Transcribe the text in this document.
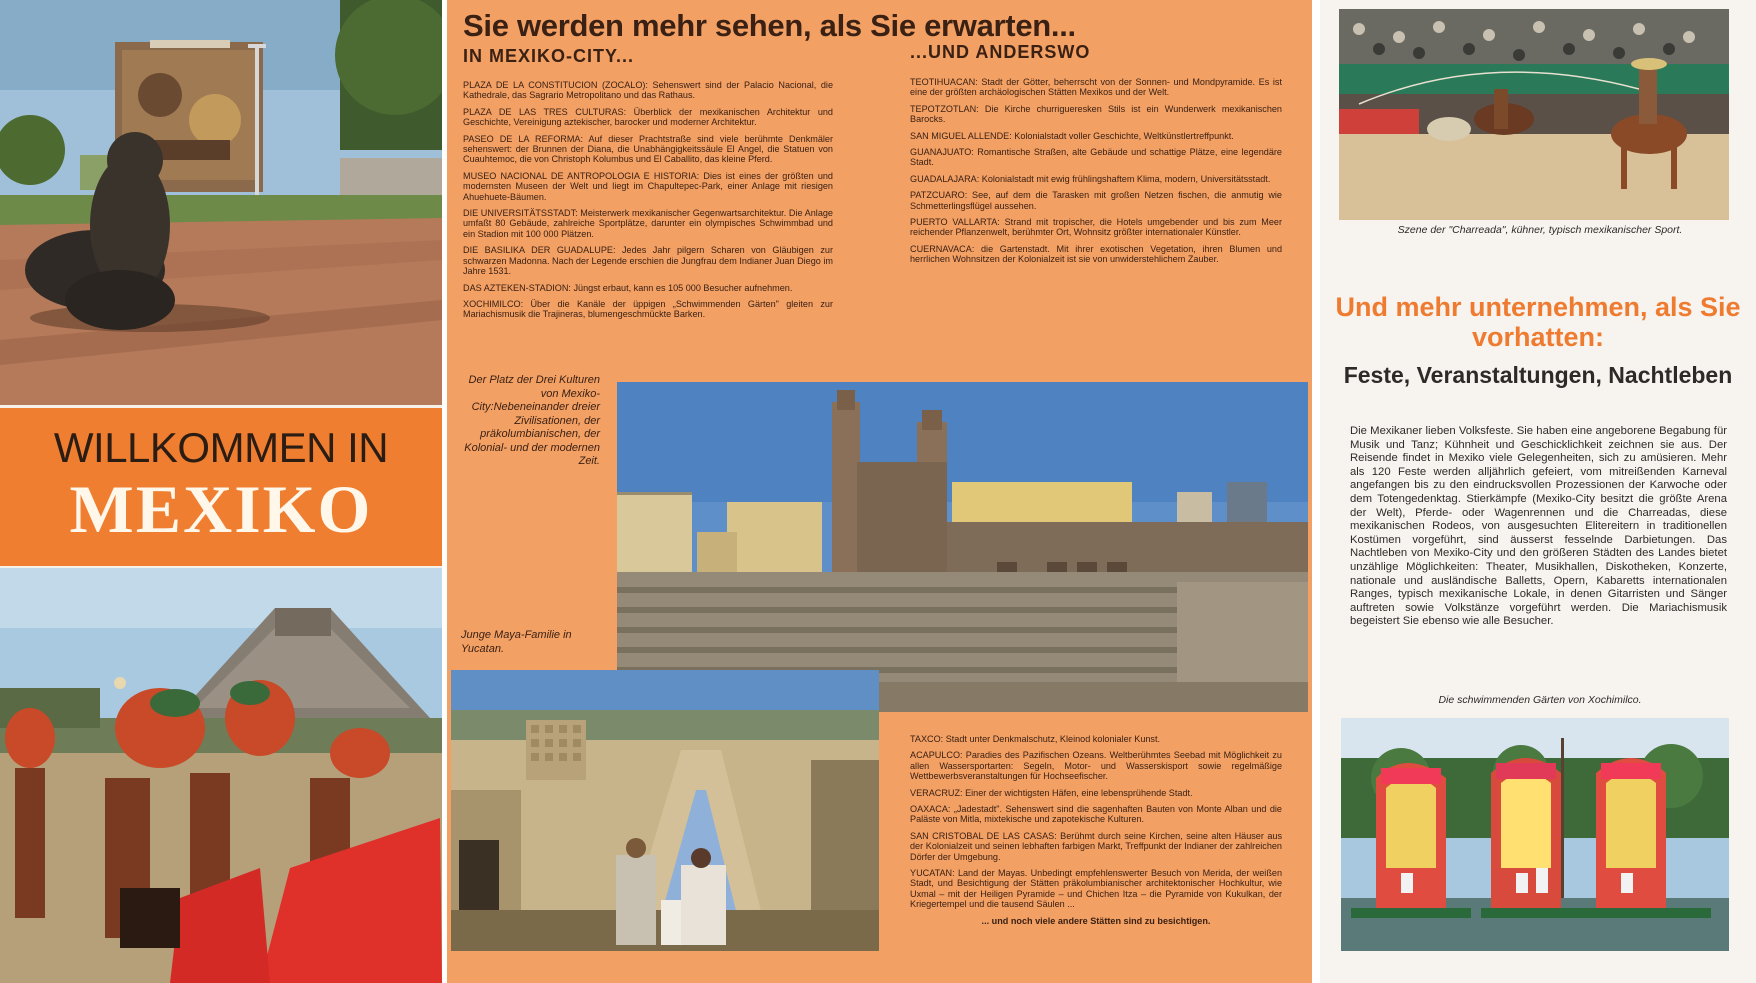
WILLKOMMEN IN
MEXIKO
Sie werden mehr sehen, als Sie erwarten...
IN MEXIKO-CITY...	...UND ANDERSWO

PLAZA DE LA CONSTITUCION (ZOCALO): Sehenswert sind der Palacio Nacional, die Kathedrale, das Sagrario Metropolitano und das Rathaus.

PLAZA DE LAS TRES CULTURAS: Überblick der mexikanischen Architektur und Geschichte, Vereinigung aztekischer, barocker und moderner Architektur.

PASEO DE LA REFORMA: Auf dieser Prachtstraße sind viele berühmte Denkmäler sehenswert: der Brunnen der Diana, die Unabhängigkeitssäule El Angel, die Statuen von Cuauhtemoc, die von Christoph Kolumbus und El Caballito, das kleine Pferd.

MUSEO NACIONAL DE ANTROPOLOGIA E HISTORIA: Dies ist eines der größten und modernsten Museen der Welt und liegt im Chapultepec-Park, einer Anlage mit riesigen Ahuehuete-Bäumen.

DIE UNIVERSITÄTSSTADT: Meisterwerk mexikanischer Gegenwartsarchitektur. Die Anlage umfaßt 80 Gebäude, zahlreiche Sportplätze, darunter ein olympisches Schwimmbad und ein Stadion mit 100 000 Plätzen.

DIE BASILIKA DER GUADALUPE: Jedes Jahr pilgern Scharen von Gläubigen zur schwarzen Madonna. Nach der Legende erschien die Jungfrau dem Indianer Juan Diego im Jahre 1531.

DAS AZTEKEN-STADION: Jüngst erbaut, kann es 105 000 Besucher aufnehmen.

XOCHIMILCO: Über die Kanäle der üppigen „Schwimmenden Gärten" gleiten zur Mariachismusik die Trajineras, blumengeschmückte Barken.

TEOTIHUACAN: Stadt der Götter, beherrscht von der Sonnen- und Mondpyramide. Es ist eine der größten archäologischen Stätten Mexikos und der Welt.

TEPOTZOTLAN: Die Kirche churrigueresken Stils ist ein Wunderwerk mexikanischen Barocks.

SAN MIGUEL ALLENDE: Kolonialstadt voller Geschichte, Weltkünstlertreffpunkt.

GUANAJUATO: Romantische Straßen, alte Gebäude und schattige Plätze, eine legendäre Stadt.

GUADALAJARA: Kolonialstadt mit ewig frühlingshaftem Klima, modern, Universitätsstadt.

PATZCUARO: See, auf dem die Tarasken mit großen Netzen fischen, die anmutig wie Schmetterlingsflügel aussehen.

PUERTO VALLARTA: Strand mit tropischer, die Hotels umgebender und bis zum Meer reichender Pflanzenwelt, berühmter Ort, Wohnsitz größter internationaler Künstler.

CUERNAVACA: die Gartenstadt. Mit ihrer exotischen Vegetation, ihren Blumen und herrlichen Wohnsitzen der Kolonialzeit ist sie von unwiderstehlichem Zauber.

Der Platz der Drei Kulturen von Mexiko-City:Nebeneinander dreier Zivilisationen, der präkolumbianischen, der Kolonial- und der modernen Zeit.
Junge Maya-Familie in Yucatan.

TAXCO: Stadt unter Denkmalschutz, Kleinod kolonialer Kunst.

ACAPULCO: Paradies des Pazifischen Ozeans. Weltberühmtes Seebad mit Möglichkeit zu allen Wassersportarten: Segeln, Motor- und Wasserskisport sowie regelmäßige Wettbewerbsveranstaltungen für Hochseefischer.

VERACRUZ: Einer der wichtigsten Häfen, eine lebensprühende Stadt.

OAXACA: „Jadestadt". Sehenswert sind die sagenhaften Bauten von Monte Alban und die Paläste von Mitla, mixtekische und zapotekische Kulturen.

SAN CRISTOBAL DE LAS CASAS: Berühmt durch seine Kirchen, seine alten Häuser aus der Kolonialzeit und seinen lebhaften farbigen Markt, Treffpunkt der Indianer der zahlreichen Dörfer der Umgebung.

YUCATAN: Land der Mayas. Unbedingt empfehlenswerter Besuch von Merida, der weißen Stadt, und Besichtigung der Stätten präkolumbianischer architektonischer Hochkultur, wie Uxmal – mit der Heiligen Pyramide – und Chichen Itza – die Pyramide von Kukulkan, der Kriegertempel und die tausend Säulen ...

... und noch viele andere Stätten sind zu besichtigen.

Szene der "Charreada", kühner, typisch mexikanischer Sport.
Und mehr unternehmen, als Sie vorhatten:
Feste, Veranstaltungen, Nachtleben
Die Mexikaner lieben Volksfeste. Sie haben eine angeborene Begabung für Musik und Tanz; Kühnheit und Geschicklichkeit zeichnen sie aus. Der Reisende findet in Mexiko viele Gelegenheiten, sich zu amüsieren. Mehr als 120 Feste werden alljährlich gefeiert, vom mitreißenden Karneval angefangen bis zu den eindrucksvollen Prozessionen der Karwoche oder dem Totengedenktag. Stierkämpfe (Mexiko-City besitzt die größte Arena der Welt), Pferde- oder Wagenrennen und die Charreadas, diese mexikanischen Rodeos, von ausgesuchten Elitereitern in traditionellen Kostümen vorgeführt, sind äusserst fesselnde Darbietungen. Das Nachtleben von Mexiko-City und den größeren Städten des Landes bietet unzählige Möglichkeiten: Theater, Musikhallen, Diskotheken, Konzerte, nationale und ausländische Balletts, Opern, Kabaretts internationalen Ranges, typisch mexikanische Lokale, in denen Gitarristen und Sänger auftreten sowie Volkstänze vorgeführt werden. Die Mariachismusik begeistert Sie ebenso wie alle Besucher.
Die schwimmenden Gärten von Xochimilco.
